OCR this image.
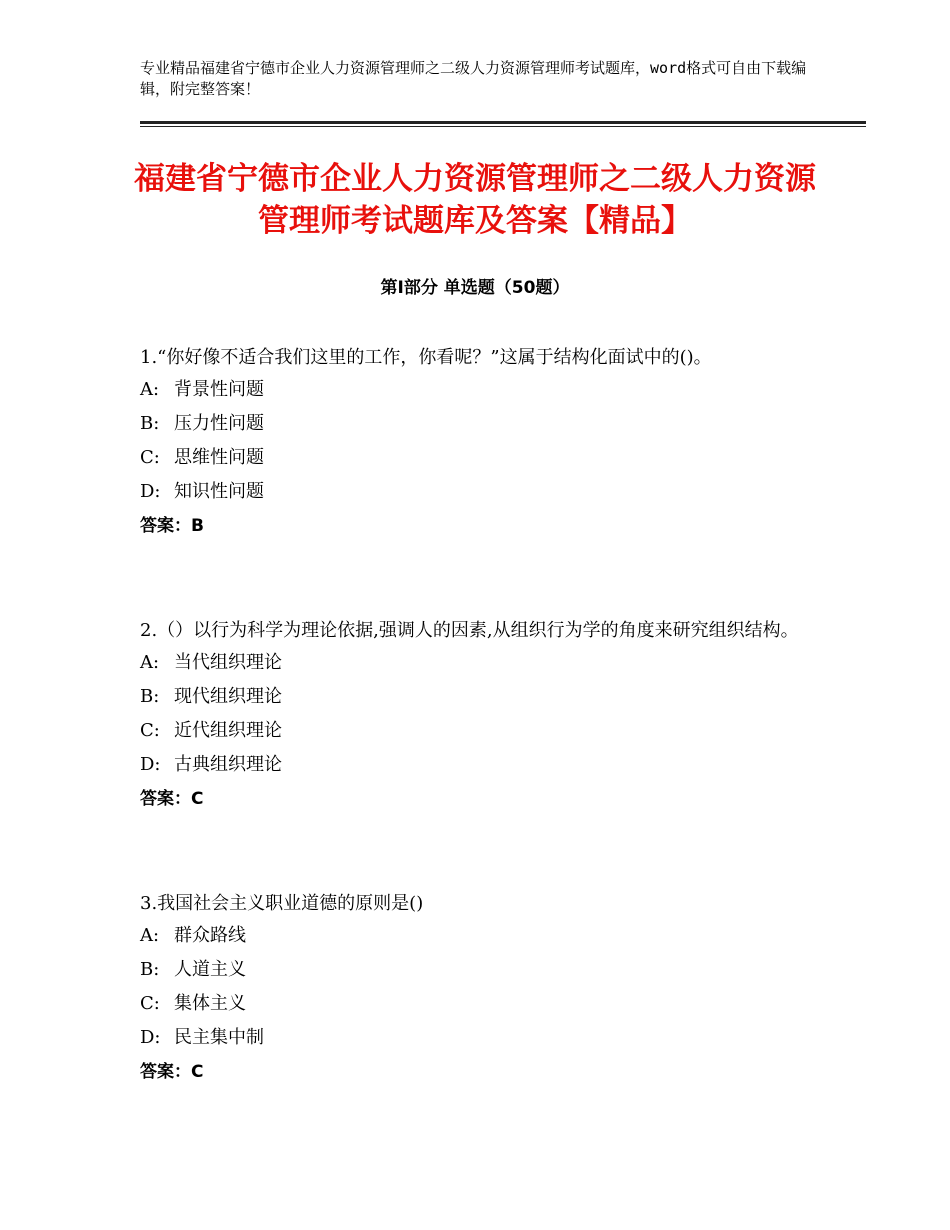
专业精品福建省宁德市企业人力资源管理师之二级人力资源管理师考试题库，word格式可自由下载编辑，附完整答案！
福建省宁德市企业人力资源管理师之二级人力资源管理师考试题库及答案【精品】
第Ⅰ部分 单选题（50题）

1.“你好像不适合我们这里的工作，你看呢？”这属于结构化面试中的()。

A: 背景性问题

B: 压力性问题

C: 思维性问题

D: 知识性问题

答案：B

2.（）以行为科学为理论依据,强调人的因素,从组织行为学的角度来研究组织结构。

A: 当代组织理论

B: 现代组织理论

C: 近代组织理论

D: 古典组织理论

答案：C

3.我国社会主义职业道德的原则是()

A: 群众路线

B: 人道主义

C: 集体主义

D: 民主集中制

答案：C
